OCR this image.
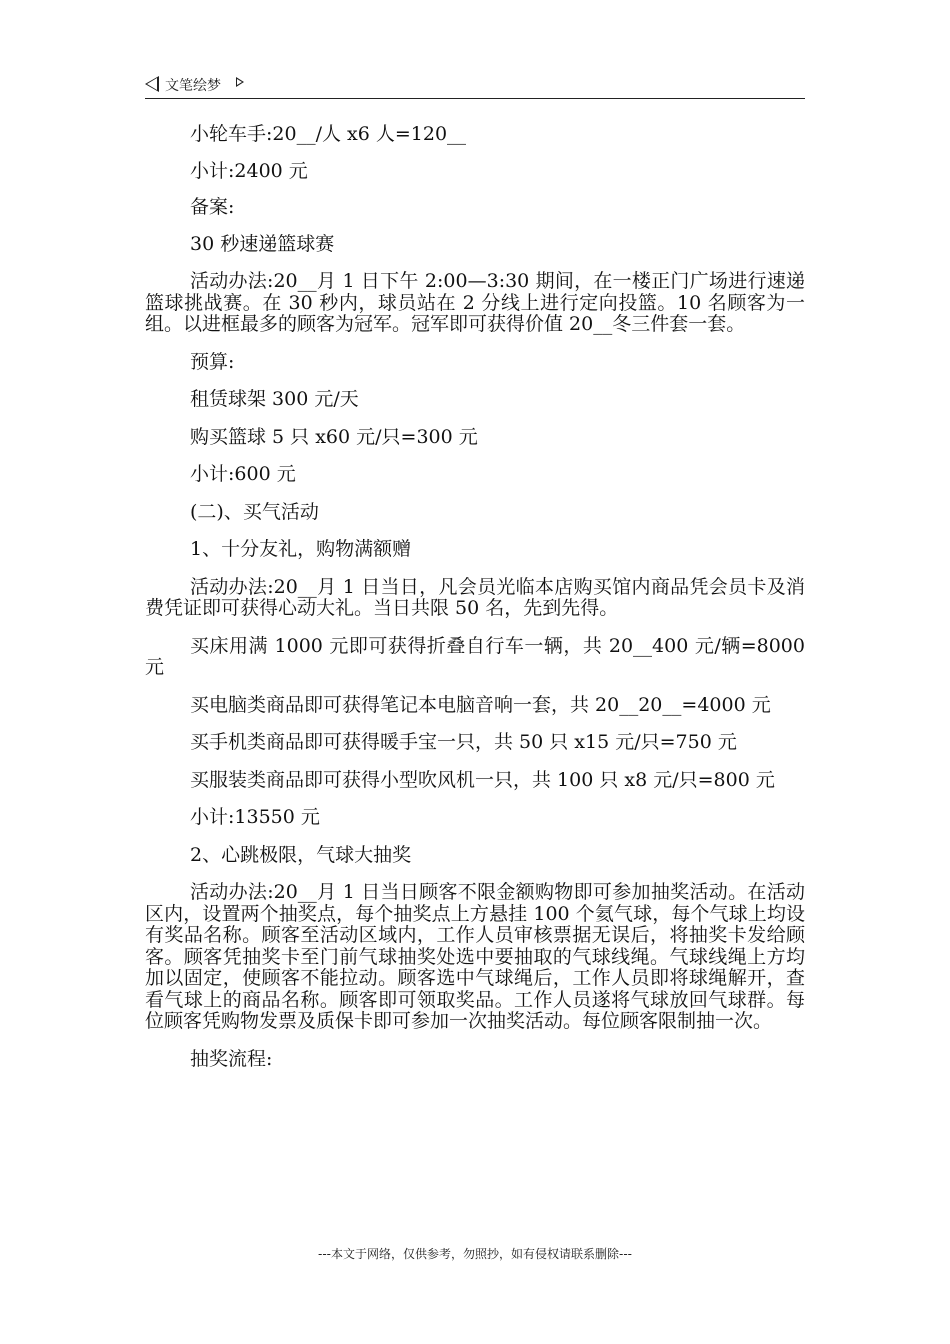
文笔绘梦

小轮车手:20__/人 x6 人=120__

小计:2400 元

备案:

30 秒速递篮球赛

活动办法:20__月 1 日下午 2:00—3:30 期间，在一楼正门广场进行速递篮球挑战赛。在 30 秒内，球员站在 2 分线上进行定向投篮。10 名顾客为一组。以进框最多的顾客为冠军。冠军即可获得价值 20__冬三件套一套。

预算:

租赁球架 300 元/天

购买篮球 5 只 x60 元/只=300 元

小计:600 元

(二)、买气活动

1、十分友礼，购物满额赠

活动办法:20__月 1 日当日，凡会员光临本店购买馆内商品凭会员卡及消费凭证即可获得心动大礼。当日共限 50 名，先到先得。

买床用满 1000 元即可获得折叠自行车一辆，共 20__400 元/辆=8000 元

买电脑类商品即可获得笔记本电脑音响一套，共 20__20__=4000 元

买手机类商品即可获得暖手宝一只，共 50 只 x15 元/只=750 元

买服装类商品即可获得小型吹风机一只，共 100 只 x8 元/只=800 元

小计:13550 元

2、心跳极限，气球大抽奖

活动办法:20__月 1 日当日顾客不限金额购物即可参加抽奖活动。在活动区内，设置两个抽奖点，每个抽奖点上方悬挂 100 个氦气球，每个气球上均设有奖品名称。顾客至活动区域内，工作人员审核票据无误后，将抽奖卡发给顾客。顾客凭抽奖卡至门前气球抽奖处选中要抽取的气球线绳。气球线绳上方均加以固定，使顾客不能拉动。顾客选中气球绳后，工作人员即将球绳解开，查看气球上的商品名称。顾客即可领取奖品。工作人员遂将气球放回气球群。每位顾客凭购物发票及质保卡即可参加一次抽奖活动。每位顾客限制抽一次。

抽奖流程:

---本文于网络，仅供参考，勿照抄，如有侵权请联系删除---
